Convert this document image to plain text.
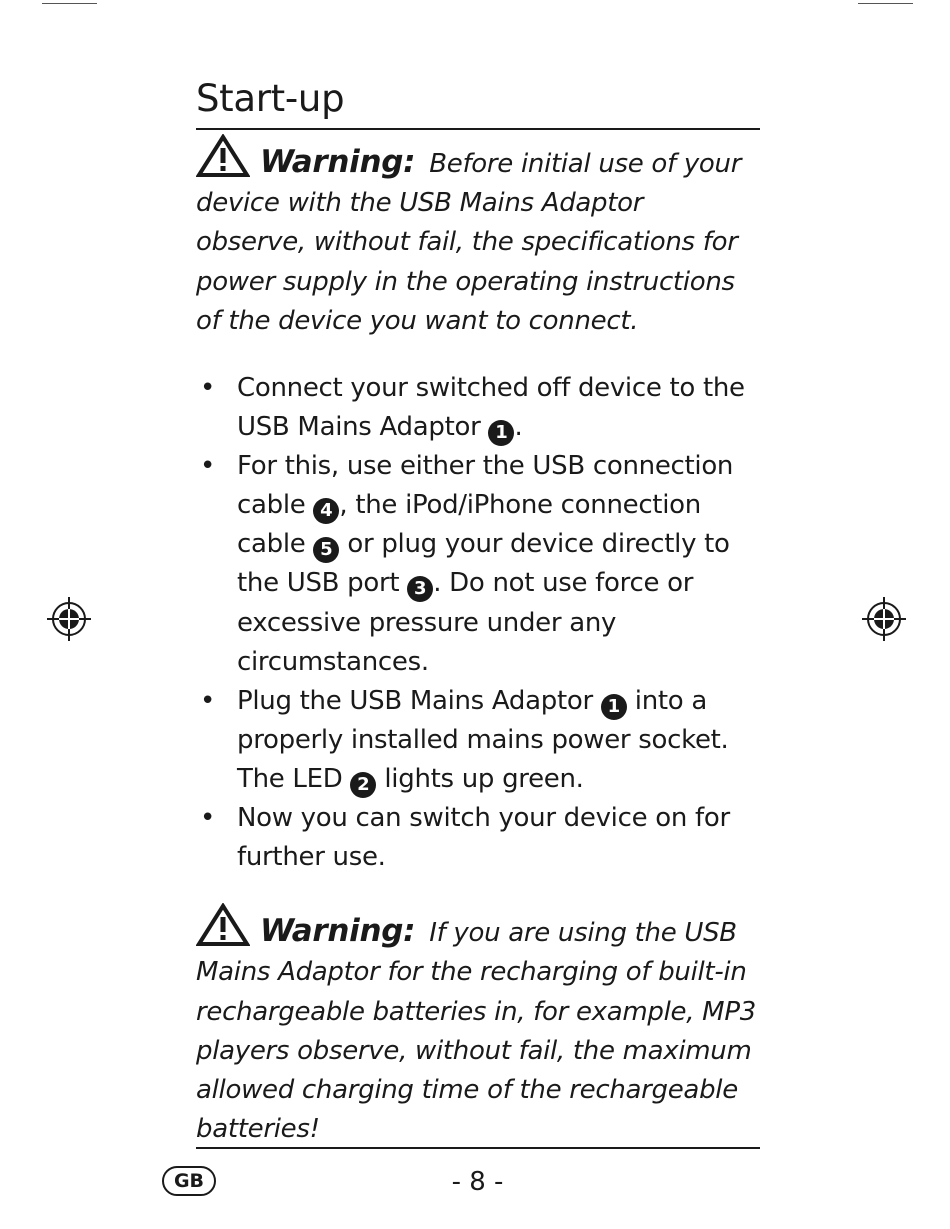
Start-up
Warning: Before initial use of your device with the USB Mains Adaptor observe, without fail, the specifications for power supply in the operating instructions of the device you want to connect.
• Connect your switched off device to the USB Mains Adaptor 1 .
• For this, use either the USB connection cable 4 , the iPod/iPhone connection cable 5 or plug your device directly to the USB port 3 . Do not use force or excessive pressure under any circumstances.
• Plug the USB Mains Adaptor 1 into a properly installed mains power socket. The LED 2 lights up green.
• Now you can switch your device on for further use.
Warning: If you are using the USB Mains Adaptor for the recharging of built-in rechargeable batteries in, for example, MP3 players observe, without fail, the maximum allowed charging time of the rechargeable batteries!
GB	- 8 -
